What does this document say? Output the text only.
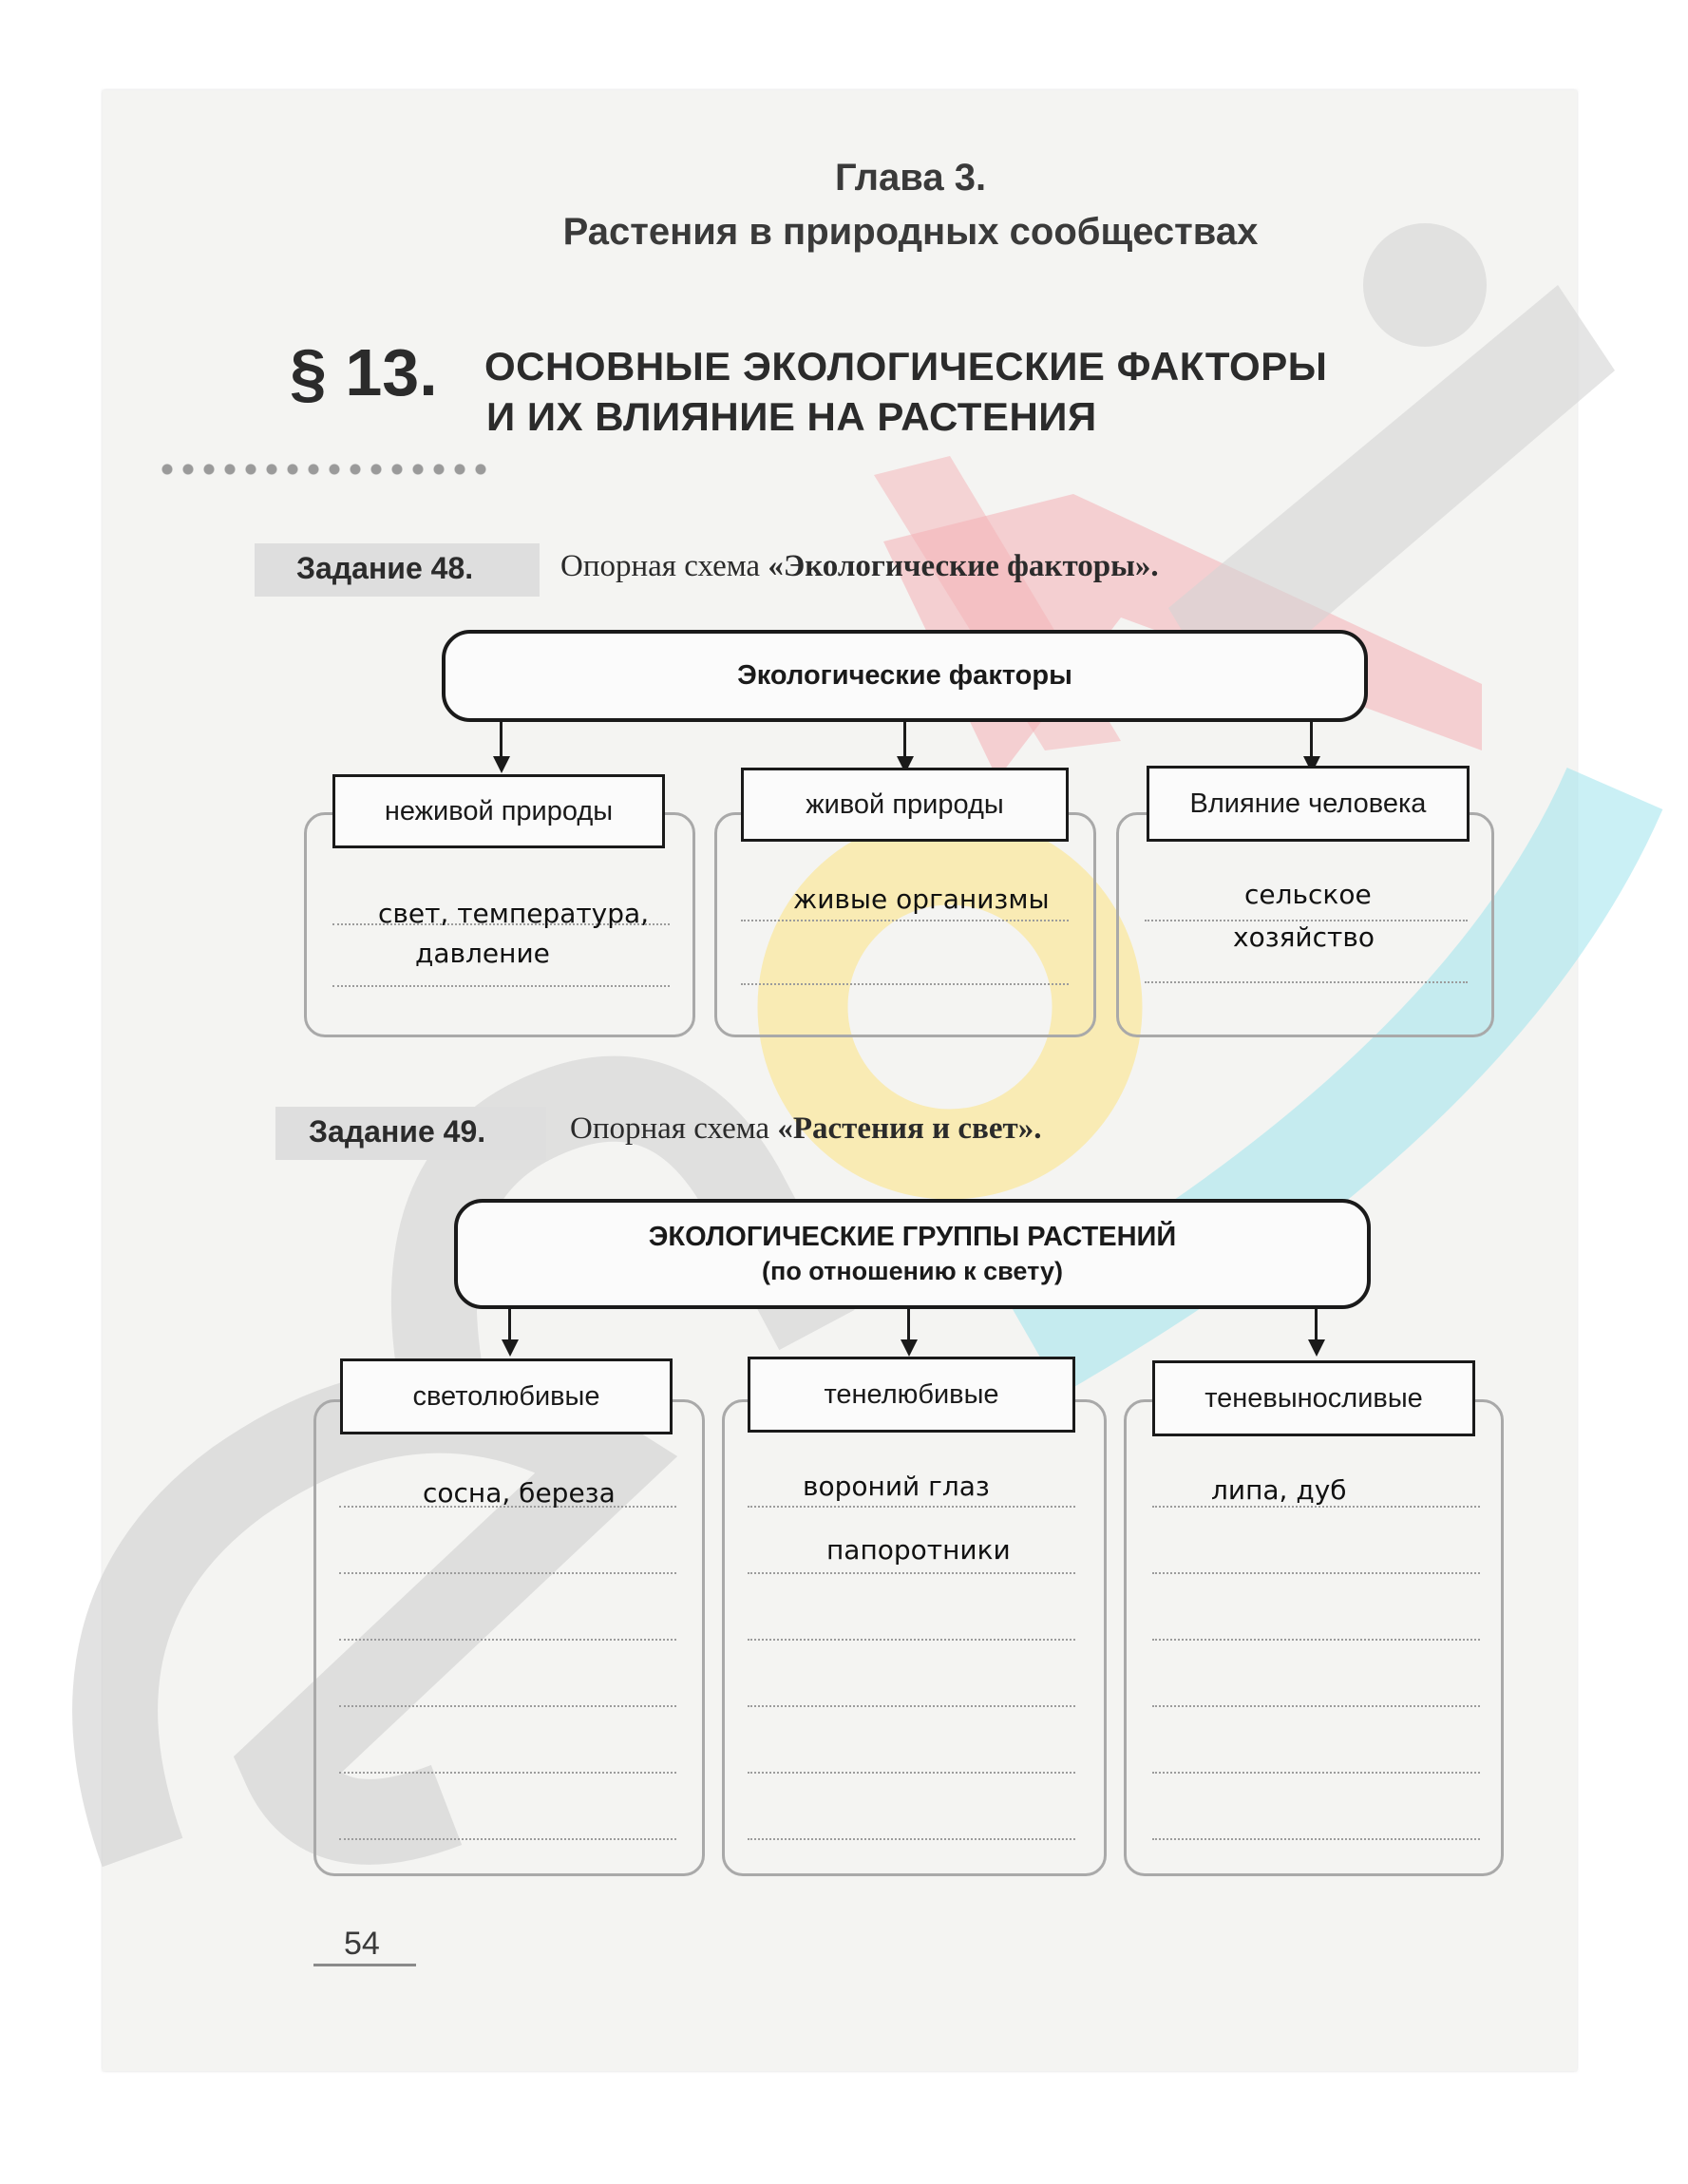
Глава 3.
Растения в природных сообществах
§ 13. ОСНОВНЫЕ ЭКОЛОГИЧЕСКИЕ ФАКТОРЫ
И ИХ ВЛИЯНИЕ НА РАСТЕНИЯ
Задание 48.	Опорная схема «Экологические факторы».
Экологические факторы
неживой природы	живой природы	Влияние человека
свет, температура,
давление
живые организмы	сельское
хозяйство
Задание 49.	Опорная схема «Растения и свет».
ЭКОЛОГИЧЕСКИЕ ГРУППЫ РАСТЕНИЙ
(по отношению к свету)
светолюбивые	тенелюбивые	теневыносливые
сосна, береза	вороний глаз
папоротники
липа, дуб
54
